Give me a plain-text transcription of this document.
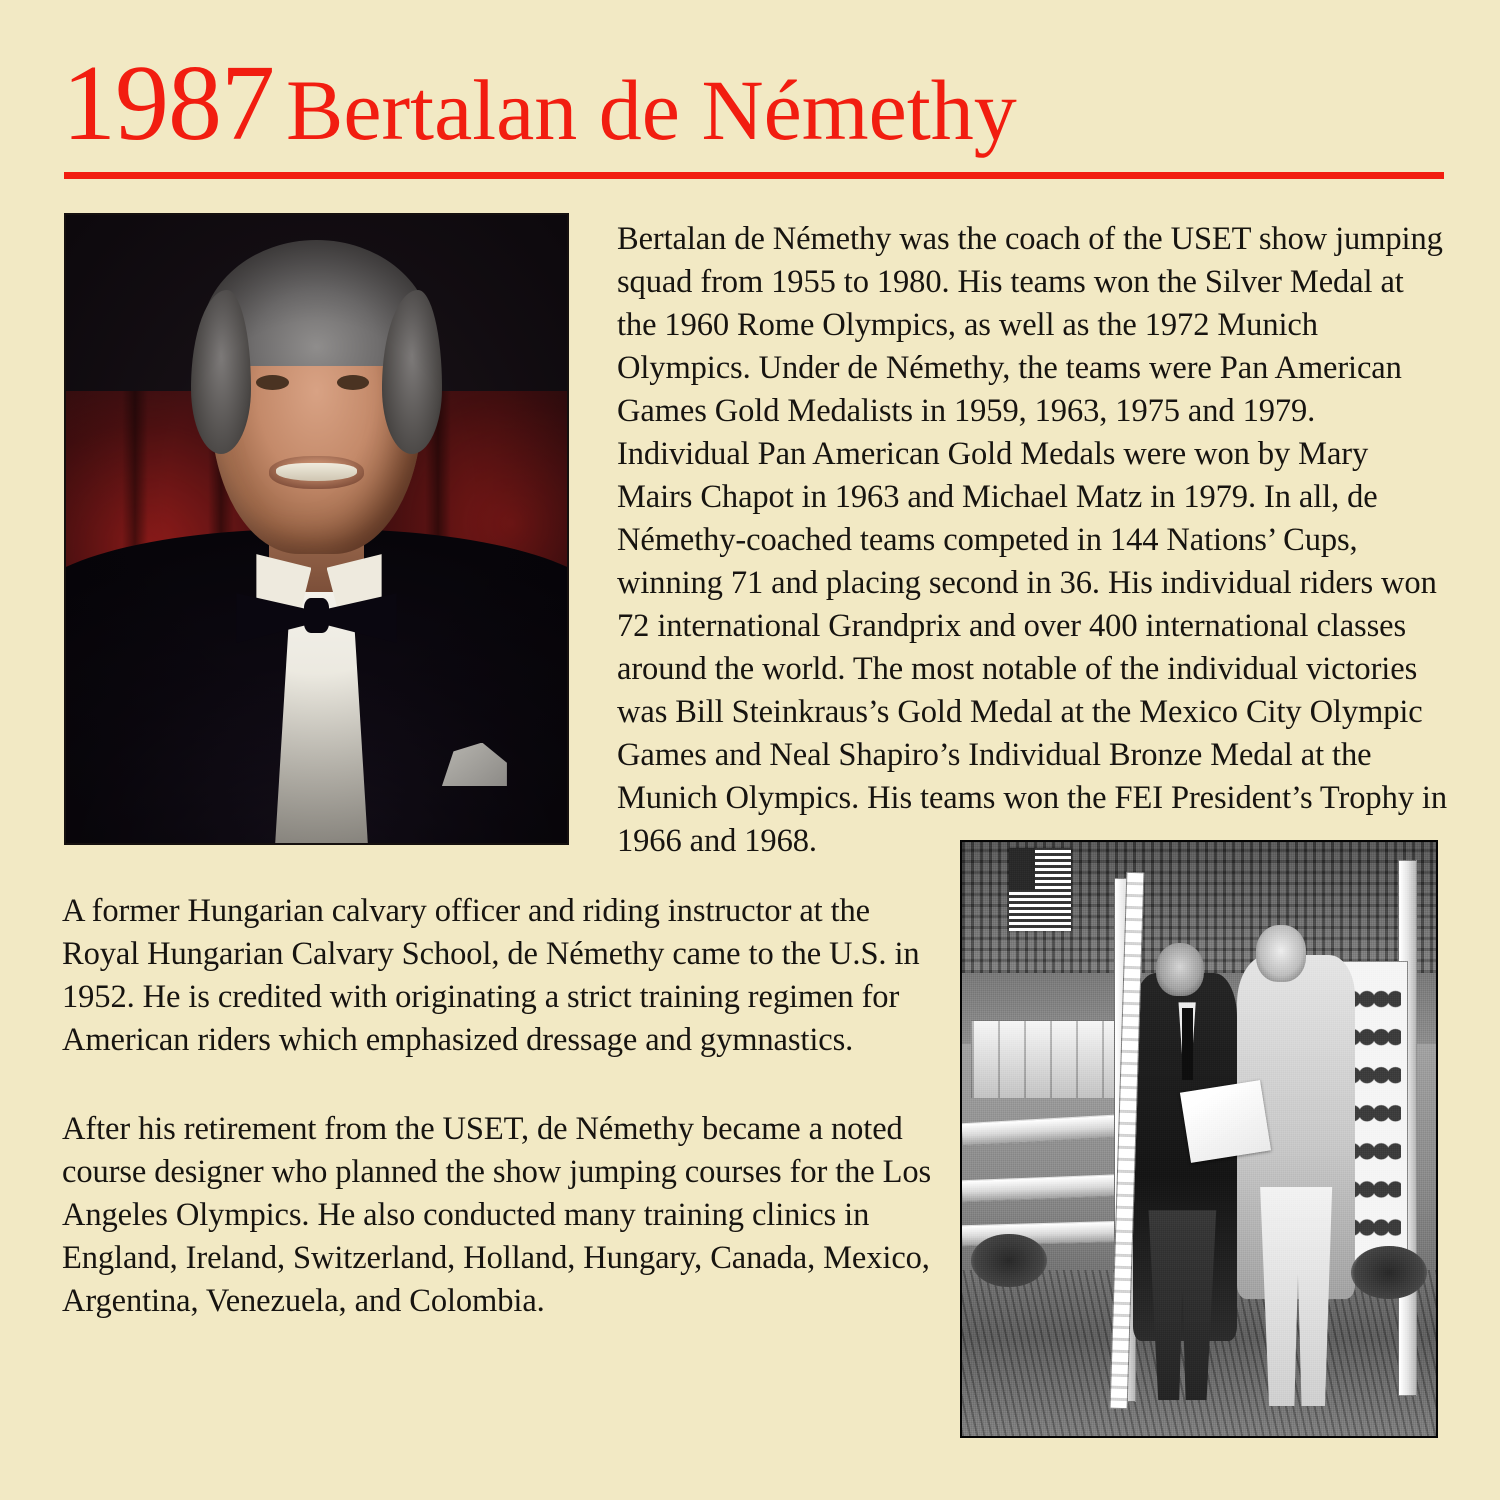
1987 Bertalan de Némethy

Bertalan de Némethy was the coach of the USET show jumping squad from 1955 to 1980. His teams won the Silver Medal at the 1960 Rome Olympics, as well as the 1972 Munich Olympics. Under de Némethy, the teams were Pan American Games Gold Medalists in 1959, 1963, 1975 and 1979. Individual Pan American Gold Medals were won by Mary Mairs Chapot in 1963 and Michael Matz in 1979. In all, de Némethy-coached teams competed in 144 Nations’ Cups, winning 71 and placing second in 36. His individual riders won 72 international Grandprix and over 400 international classes around the world. The most notable of the individual victories was Bill Steinkraus’s Gold Medal at the Mexico City Olympic Games and Neal Shapiro’s Individual Bronze Medal at the Munich Olympics. His teams won the FEI President’s Trophy in 1966 and 1968.

A former Hungarian calvary officer and riding instructor at the Royal Hungarian Calvary School, de Némethy came to the U.S. in 1952. He is credited with originating a strict training regimen for American riders which emphasized dressage and gymnastics.

After his retirement from the USET, de Némethy became a noted course designer who planned the show jumping courses for the Los Angeles Olympics. He also conducted many training clinics in England, Ireland, Switzerland, Holland, Hungary, Canada, Mexico, Argentina, Venezuela, and Colombia.
